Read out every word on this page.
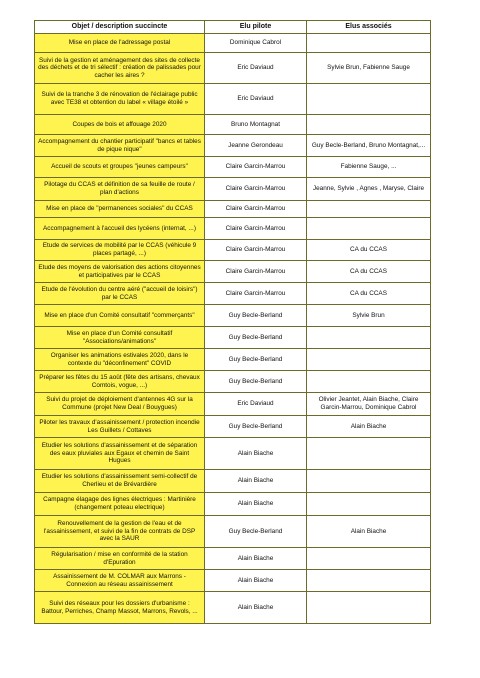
Objet / description succincte	Elu pilote	Elus associés
Mise en place de l'adressage postal	Dominique Cabrol	
Suivi de la gestion et aménagement des sites de collecte des déchets et de tri sélectif : création de palissades pour cacher les aires ?	Eric Daviaud	Sylvie Brun, Fabienne Sauge
Suivi de la tranche 3 de rénovation de l'éclairage public avec TE38 et obtention du label « village étoilé »	Eric Daviaud	
Coupes de bois et affouage 2020	Bruno Montagnat	
Accompagnement du chantier participatif "bancs et tables de pique nique"	Jeanne Gerondeau	Guy Becle-Berland, Bruno Montagnat,...
Accueil de scouts et groupes "jeunes campeurs"	Claire Garcin-Marrou	Fabienne Sauge, ...
Pilotage du CCAS et définition de sa feuille de route / plan d'actions	Claire Garcin-Marrou	Jeanne, Sylvie , Agnes , Maryse, Claire
Mise en place de "permanences sociales" du CCAS	Claire Garcin-Marrou	
Accompagnement à l'accueil des lycéens (internat, ...)	Claire Garcin-Marrou	
Etude de services de mobilité par le CCAS (véhicule 9 places partagé, ...)	Claire Garcin-Marrou	CA du CCAS
Etude des moyens de valorisation des actions citoyennes et participatives par le CCAS	Claire Garcin-Marrou	CA du CCAS
Etude de l'évolution du centre aéré ("accueil de loisirs") par le CCAS	Claire Garcin-Marrou	CA du CCAS
Mise en place d'un Comité consultatif "commerçants"	Guy Becle-Berland	Sylvie Brun
Mise en place d'un Comité consultatif "Associations/animations"	Guy Becle-Berland	
Organiser les animations estivales 2020, dans le contexte du "déconfinement" COVID	Guy Becle-Berland	
Préparer les fêtes du 15 août (fête des artisans, chevaux Comtois, vogue, ...)	Guy Becle-Berland	
Suivi du projet de déploiement d'antennes 4G sur la Commune (projet New Deal / Bouygues)	Eric Daviaud	Olivier Jeantet, Alain Biache, Claire Garcin-Marrou, Dominique Cabrol
Piloter les travaux d'assainissement / protection incendie Les Guillets / Cottaves	Guy Becle-Berland	Alain Biache
Etudier les solutions d'assainissement et de séparation des eaux pluviales aux Egaux et chemin de Saint Hugues	Alain Biache	
Etudier les solutions d'assainissement semi-collectif de Cherlieu et de Brévardière	Alain Biache	
Campagne élagage des lignes électriques : Martinière (changement poteau electrique)	Alain Biache	
Renouvellement de la gestion de l'eau et de l'assainissement, et suivi de la fin de contrats de DSP avec la SAUR	Guy Becle-Berland	Alain Biache
Régularisation / mise en conformité de la station d'Epuration	Alain Biache	
Assainissement de M. COLMAR aux Marrons - Connexion au réseau assainissement	Alain Biache	
Suivi des réseaux pour les dossiers d'urbanisme : Battour, Perriches, Champ Massot, Marrons, Revols, ...	Alain Biache	
